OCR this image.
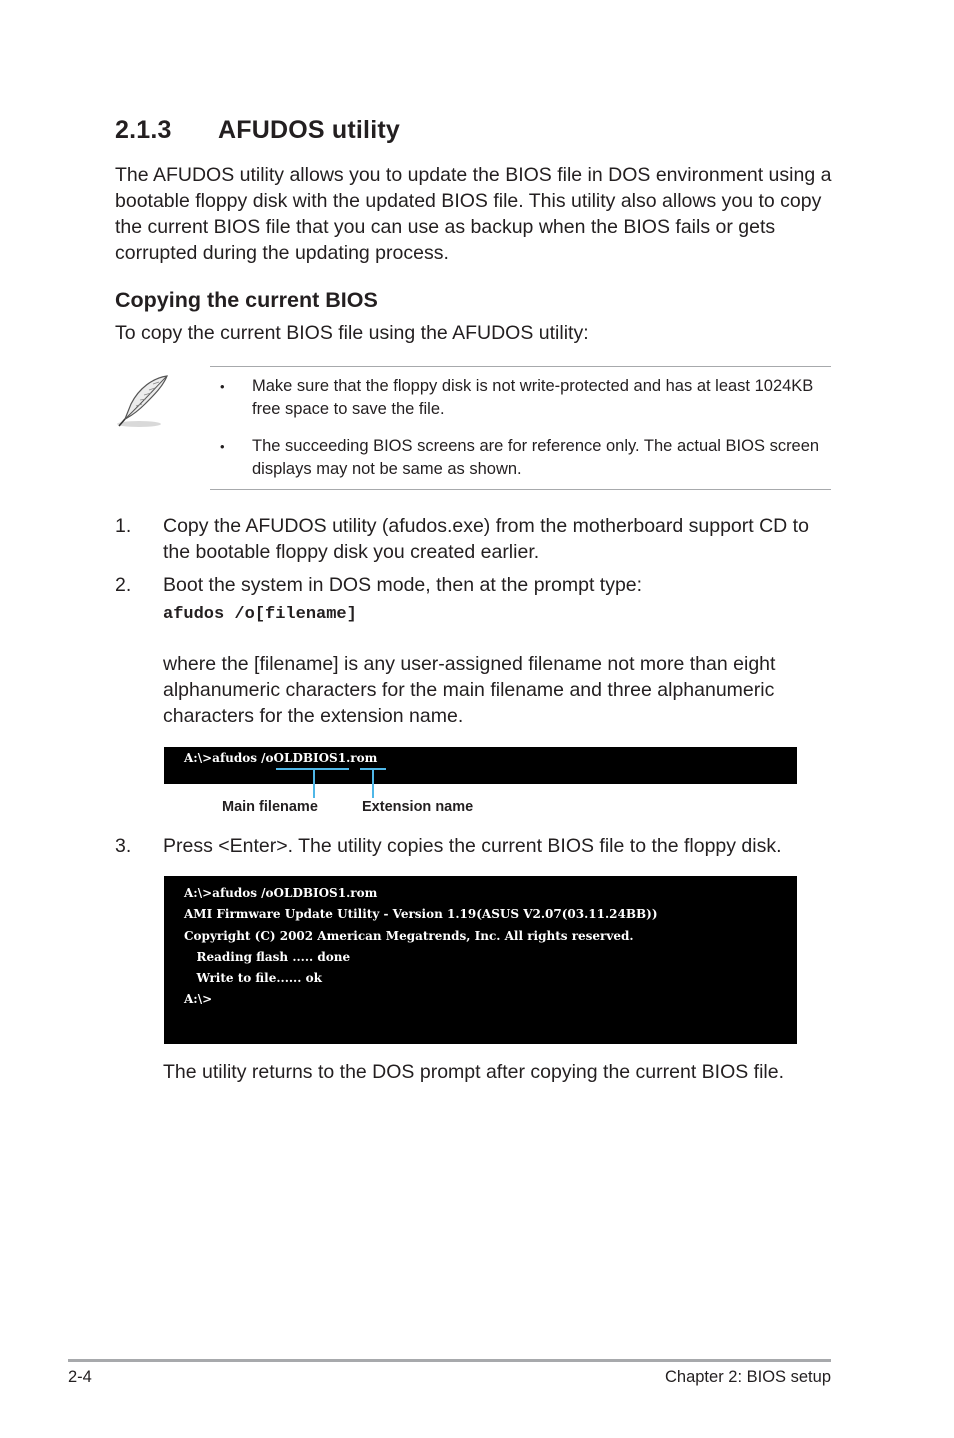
2.1.3 AFUDOS utility
The AFUDOS utility allows you to update the BIOS file in DOS environment using a bootable floppy disk with the updated BIOS file. This utility also allows you to copy the current BIOS file that you can use as backup when the BIOS fails or gets corrupted during the updating process.
Copying the current BIOS
To copy the current BIOS file using the AFUDOS utility:
• Make sure that the floppy disk is not write-protected and has at least 1024KB free space to save the file.
• The succeeding BIOS screens are for reference only. The actual BIOS screen displays may not be same as shown.
1. Copy the AFUDOS utility (afudos.exe) from the motherboard support CD to the bootable floppy disk you created earlier.
2. Boot the system in DOS mode, then at the prompt type:
afudos /o[filename]
where the [filename] is any user-assigned filename not more than eight alphanumeric characters for the main filename and three alphanumeric characters for the extension name.
A:\>afudos /oOLDBIOS1.rom
Main filename	Extension name
3. Press <Enter>. The utility copies the current BIOS file to the floppy disk.
A:\>afudos /oOLDBIOS1.rom
AMI Firmware Update Utility - Version 1.19(ASUS V2.07(03.11.24BB))
Copyright (C) 2002 American Megatrends, Inc. All rights reserved.
Reading flash ..... done
Write to file...... ok
A:\>
The utility returns to the DOS prompt after copying the current BIOS file.
2-4	Chapter 2: BIOS setup
